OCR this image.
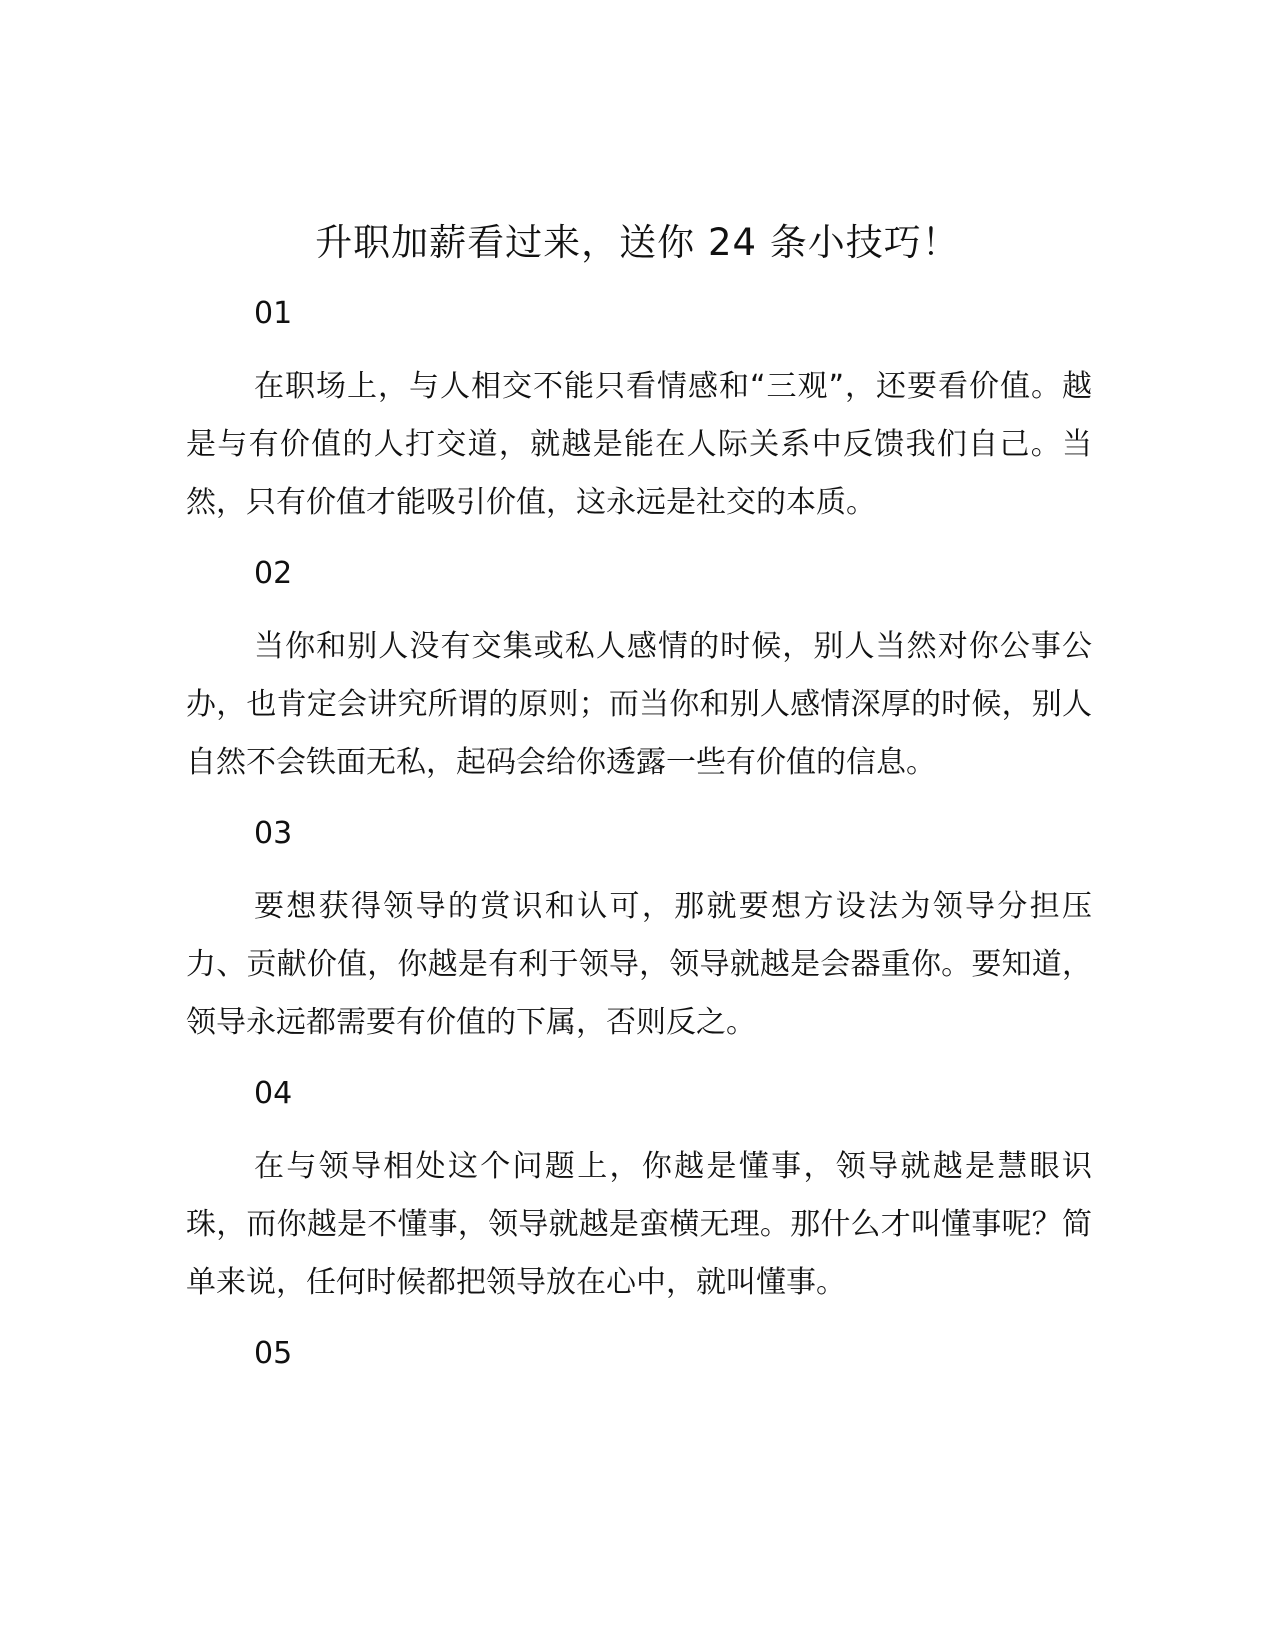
升职加薪看过来，送你 24 条小技巧！

01

在职场上，与人相交不能只看情感和“三观”，还要看价值。越是与有价值的人打交道，就越是能在人际关系中反馈我们自己。当然，只有价值才能吸引价值，这永远是社交的本质。

02

当你和别人没有交集或私人感情的时候，别人当然对你公事公办，也肯定会讲究所谓的原则；而当你和别人感情深厚的时候，别人自然不会铁面无私，起码会给你透露一些有价值的信息。

03

要想获得领导的赏识和认可，那就要想方设法为领导分担压力、贡献价值，你越是有利于领导，领导就越是会器重你。要知道，领导永远都需要有价值的下属，否则反之。

04

在与领导相处这个问题上，你越是懂事，领导就越是慧眼识珠，而你越是不懂事，领导就越是蛮横无理。那什么才叫懂事呢？简单来说，任何时候都把领导放在心中，就叫懂事。

05
